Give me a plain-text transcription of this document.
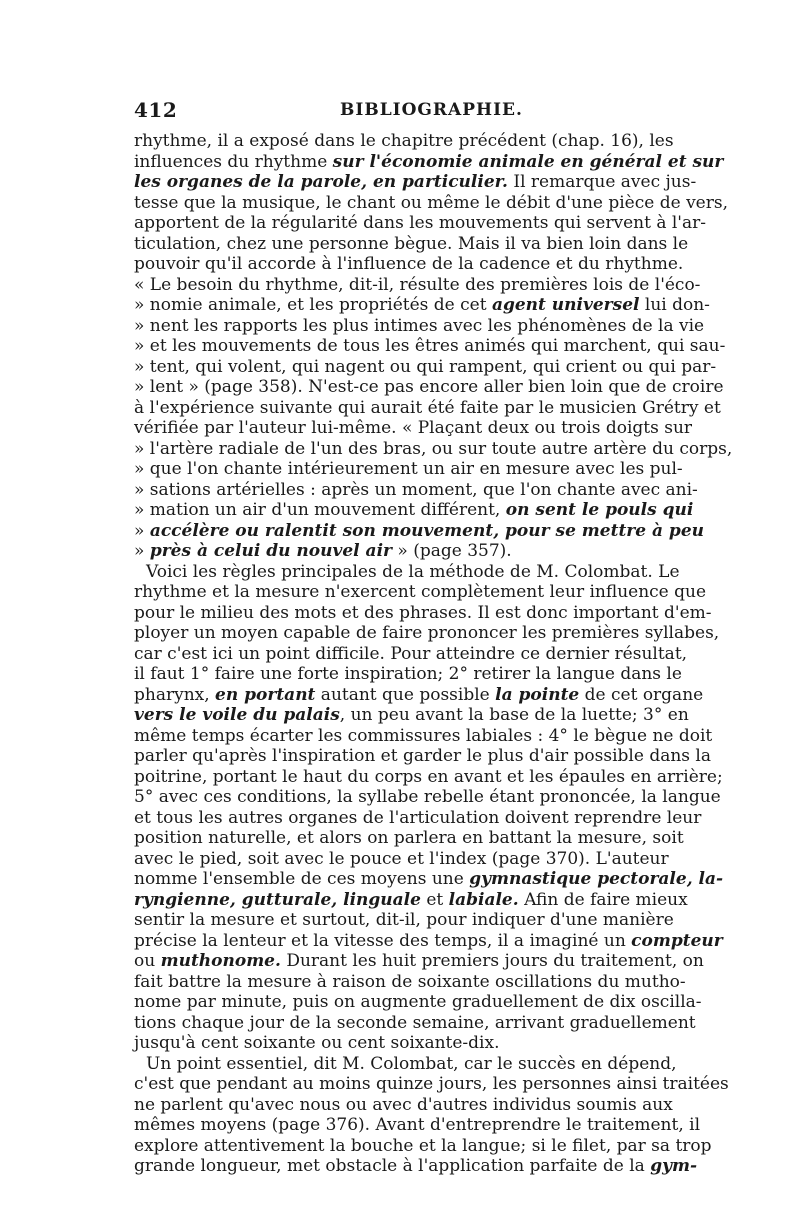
412	BIBLIOGRAPHIE.
rhythme, il a exposé dans le chapitre précédent (chap. 16), les
influences du rhythme sur l'économie animale en général et sur
les organes de la parole, en particulier. Il remarque avec jus-
tesse que la musique, le chant ou même le débit d'une pièce de vers,
apportent de la régularité dans les mouvements qui servent à l'ar-
ticulation, chez une personne bègue. Mais il va bien loin dans le
pouvoir qu'il accorde à l'influence de la cadence et du rhythme.
« Le besoin du rhythme, dit-il, résulte des premières lois de l'éco-
» nomie animale, et les propriétés de cet agent universel lui don-
» nent les rapports les plus intimes avec les phénomènes de la vie
» et les mouvements de tous les êtres animés qui marchent, qui sau-
» tent, qui volent, qui nagent ou qui rampent, qui crient ou qui par-
» lent » (page 358). N'est-ce pas encore aller bien loin que de croire
à l'expérience suivante qui aurait été faite par le musicien Grétry et
vérifiée par l'auteur lui-même. « Plaçant deux ou trois doigts sur
» l'artère radiale de l'un des bras, ou sur toute autre artère du corps,
» que l'on chante intérieurement un air en mesure avec les pul-
» sations artérielles : après un moment, que l'on chante avec ani-
» mation un air d'un mouvement différent, on sent le pouls qui
» accélère ou ralentit son mouvement, pour se mettre à peu
» près à celui du nouvel air » (page 357).
Voici les règles principales de la méthode de M. Colombat. Le
rhythme et la mesure n'exercent complètement leur influence que
pour le milieu des mots et des phrases. Il est donc important d'em-
ployer un moyen capable de faire prononcer les premières syllabes,
car c'est ici un point difficile. Pour atteindre ce dernier résultat,
il faut 1° faire une forte inspiration; 2° retirer la langue dans le
pharynx, en portant autant que possible la pointe de cet organe
vers le voile du palais, un peu avant la base de la luette; 3° en
même temps écarter les commissures labiales : 4° le bègue ne doit
parler qu'après l'inspiration et garder le plus d'air possible dans la
poitrine, portant le haut du corps en avant et les épaules en arrière;
5° avec ces conditions, la syllabe rebelle étant prononcée, la langue
et tous les autres organes de l'articulation doivent reprendre leur
position naturelle, et alors on parlera en battant la mesure, soit
avec le pied, soit avec le pouce et l'index (page 370). L'auteur
nomme l'ensemble de ces moyens une gymnastique pectorale, la-
ryngienne, gutturale, linguale et labiale. Afin de faire mieux
sentir la mesure et surtout, dit-il, pour indiquer d'une manière
précise la lenteur et la vitesse des temps, il a imaginé un compteur
ou muthonome. Durant les huit premiers jours du traitement, on
fait battre la mesure à raison de soixante oscillations du mutho-
nome par minute, puis on augmente graduellement de dix oscilla-
tions chaque jour de la seconde semaine, arrivant graduellement
jusqu'à cent soixante ou cent soixante-dix.
Un point essentiel, dit M. Colombat, car le succès en dépend,
c'est que pendant au moins quinze jours, les personnes ainsi traitées
ne parlent qu'avec nous ou avec d'autres individus soumis aux
mêmes moyens (page 376). Avant d'entreprendre le traitement, il
explore attentivement la bouche et la langue; si le filet, par sa trop
grande longueur, met obstacle à l'application parfaite de la gym-
